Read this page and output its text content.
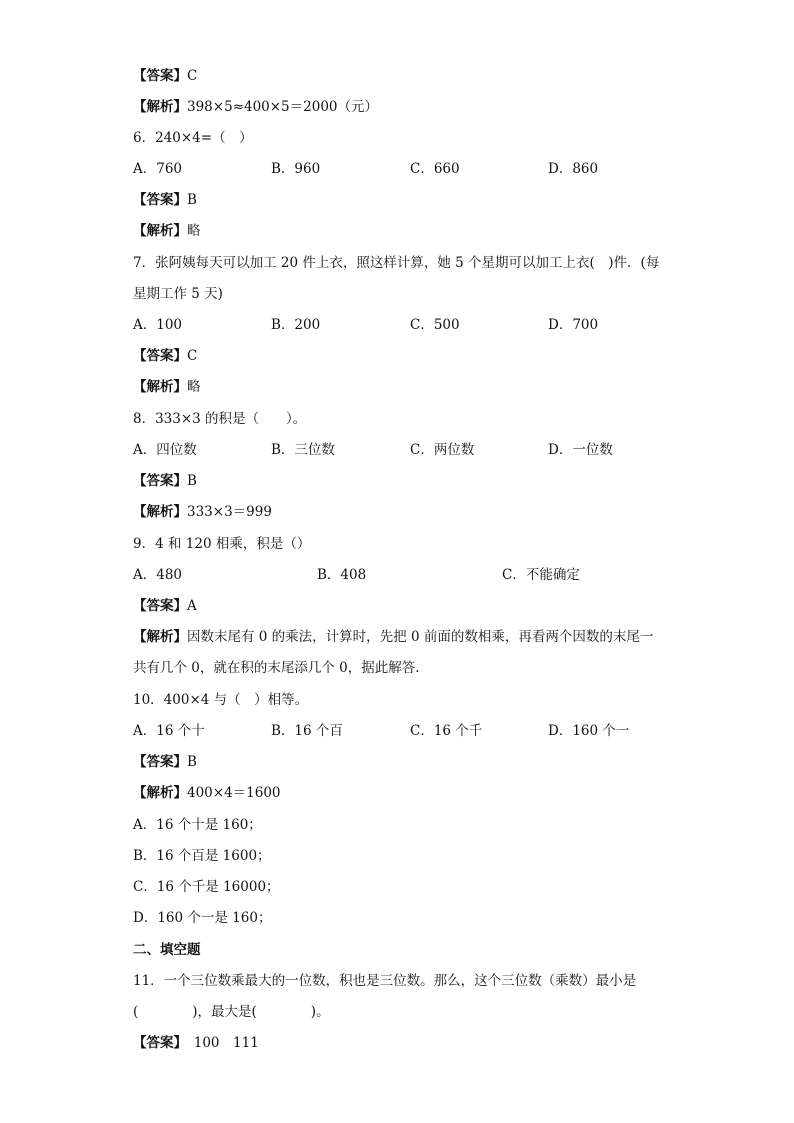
【答案】C
【解析】398×5≈400×5＝2000（元）
6．240×4=（　）
A．760	B．960	C．660	D．860
【答案】B
【解析】略
7．张阿姨每天可以加工 20 件上衣，照这样计算，她 5 个星期可以加工上衣(　)件．(每
星期工作 5 天)
A．100	B．200	C．500	D．700
【答案】C
【解析】略
8．333×3 的积是（　　）。
A．四位数	B．三位数	C．两位数	D．一位数
【答案】B
【解析】333×3＝999
9．4 和 120 相乘，积是（）
A．480	B．408	C．不能确定
【答案】A
【解析】因数末尾有 0 的乘法，计算时，先把 0 前面的数相乘，再看两个因数的末尾一
共有几个 0，就在积的末尾添几个 0，据此解答.
10．400×4 与（　）相等。
A．16 个十	B．16 个百	C．16 个千	D．160 个一
【答案】B
【解析】400×4＝1600
A．16 个十是 160；
B．16 个百是 1600；
C．16 个千是 16000；
D．160 个一是 160；
二、填空题
11．一个三位数乘最大的一位数，积也是三位数。那么，这个三位数（乘数）最小是
(　　　　)，最大是(　　　　)。
【答案】　100　111
